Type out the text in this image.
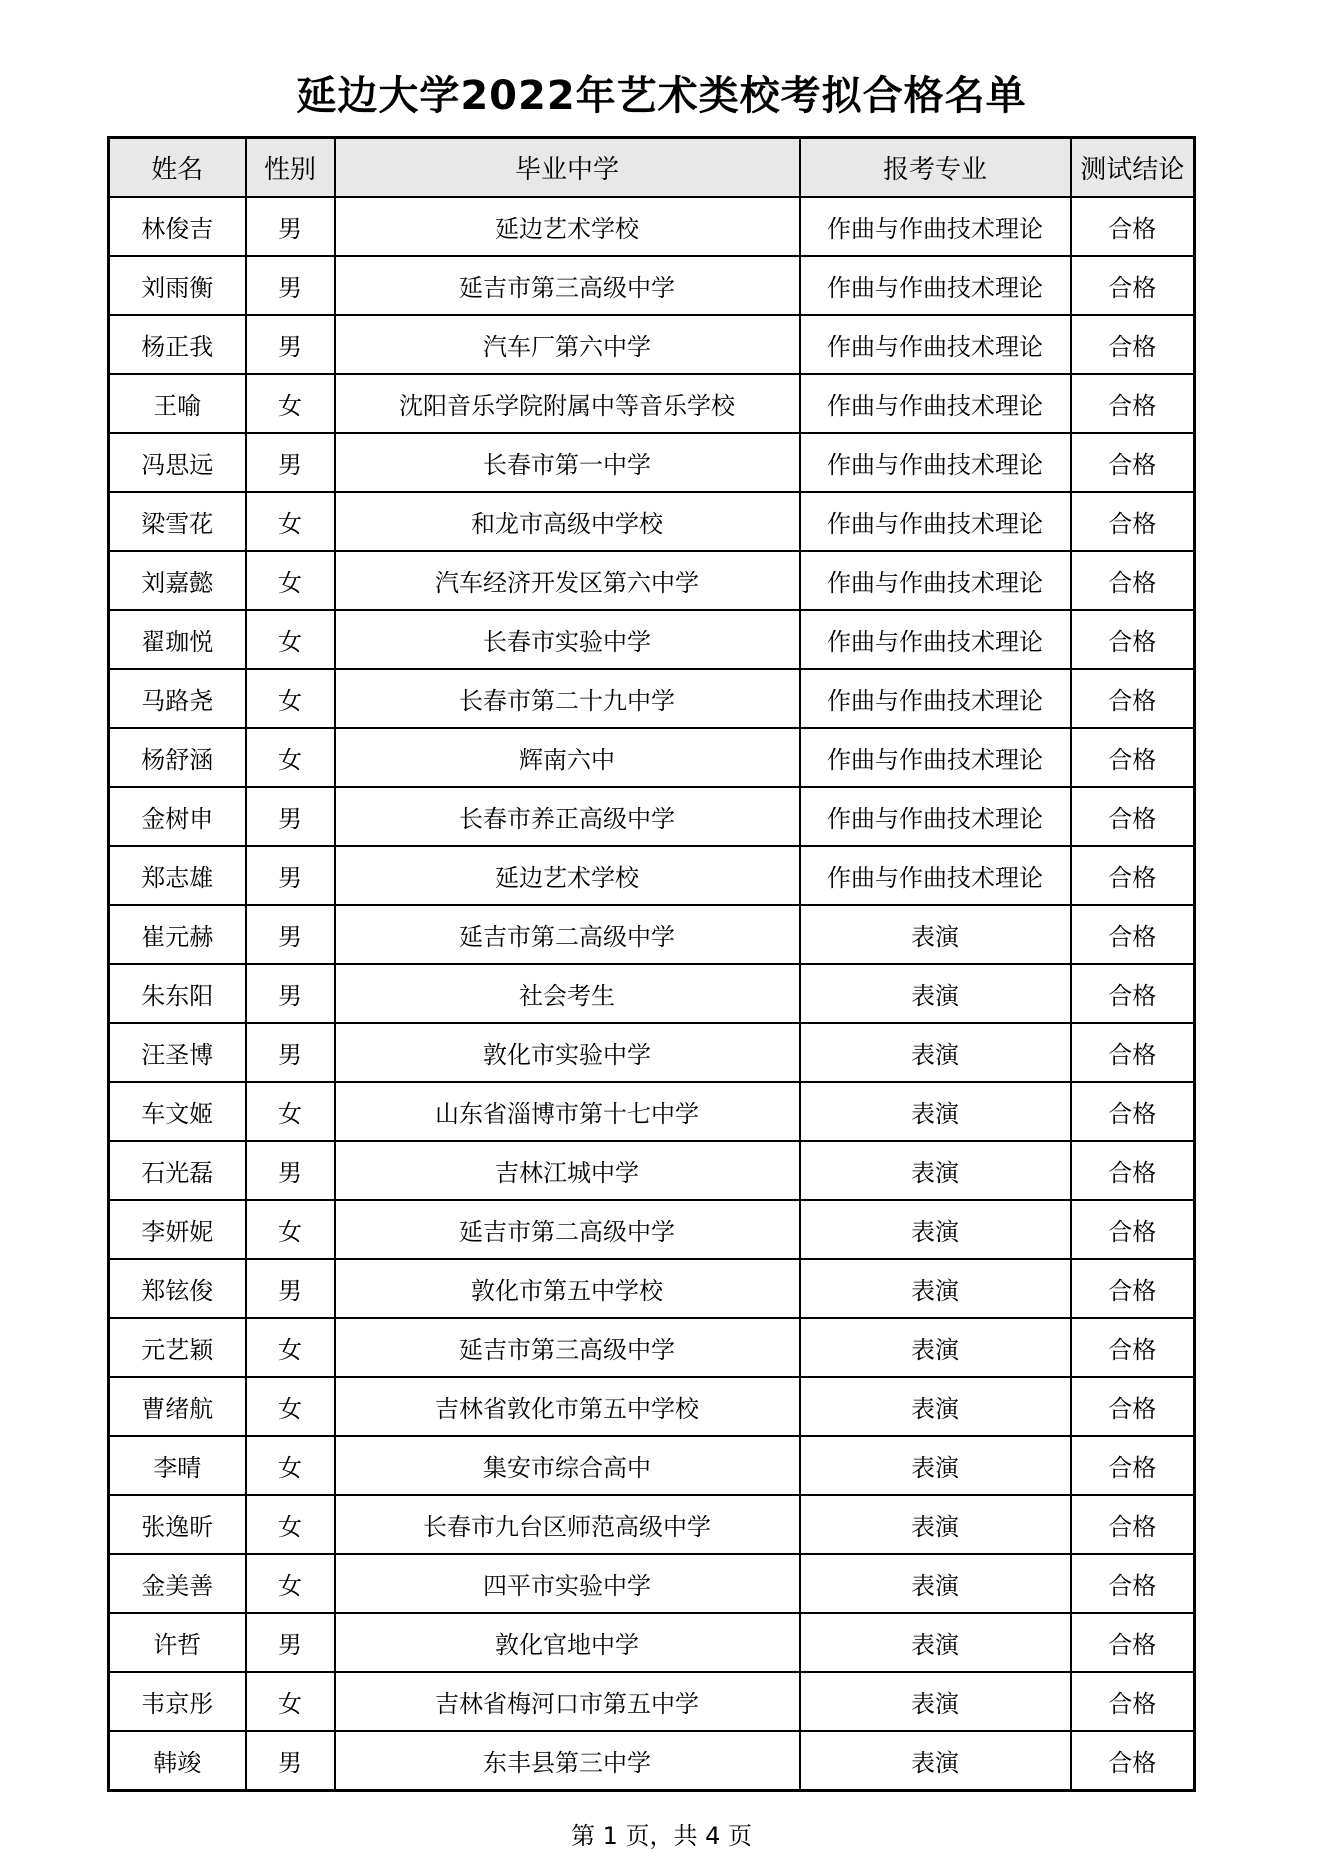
延边大学2022年艺术类校考拟合格名单
姓名	性别	毕业中学	报考专业	测试结论
林俊吉	男	延边艺术学校	作曲与作曲技术理论	合格
刘雨衡	男	延吉市第三高级中学	作曲与作曲技术理论	合格
杨正我	男	汽车厂第六中学	作曲与作曲技术理论	合格
王喻	女	沈阳音乐学院附属中等音乐学校	作曲与作曲技术理论	合格
冯思远	男	长春市第一中学	作曲与作曲技术理论	合格
梁雪花	女	和龙市高级中学校	作曲与作曲技术理论	合格
刘嘉懿	女	汽车经济开发区第六中学	作曲与作曲技术理论	合格
翟珈悦	女	长春市实验中学	作曲与作曲技术理论	合格
马路尧	女	长春市第二十九中学	作曲与作曲技术理论	合格
杨舒涵	女	辉南六中	作曲与作曲技术理论	合格
金树申	男	长春市养正高级中学	作曲与作曲技术理论	合格
郑志雄	男	延边艺术学校	作曲与作曲技术理论	合格
崔元赫	男	延吉市第二高级中学	表演	合格
朱东阳	男	社会考生	表演	合格
汪圣博	男	敦化市实验中学	表演	合格
车文姬	女	山东省淄博市第十七中学	表演	合格
石光磊	男	吉林江城中学	表演	合格
李妍妮	女	延吉市第二高级中学	表演	合格
郑铉俊	男	敦化市第五中学校	表演	合格
元艺颖	女	延吉市第三高级中学	表演	合格
曹绪航	女	吉林省敦化市第五中学校	表演	合格
李晴	女	集安市综合高中	表演	合格
张逸昕	女	长春市九台区师范高级中学	表演	合格
金美善	女	四平市实验中学	表演	合格
许哲	男	敦化官地中学	表演	合格
韦京彤	女	吉林省梅河口市第五中学	表演	合格
韩竣	男	东丰县第三中学	表演	合格
第 1 页，共 4 页
